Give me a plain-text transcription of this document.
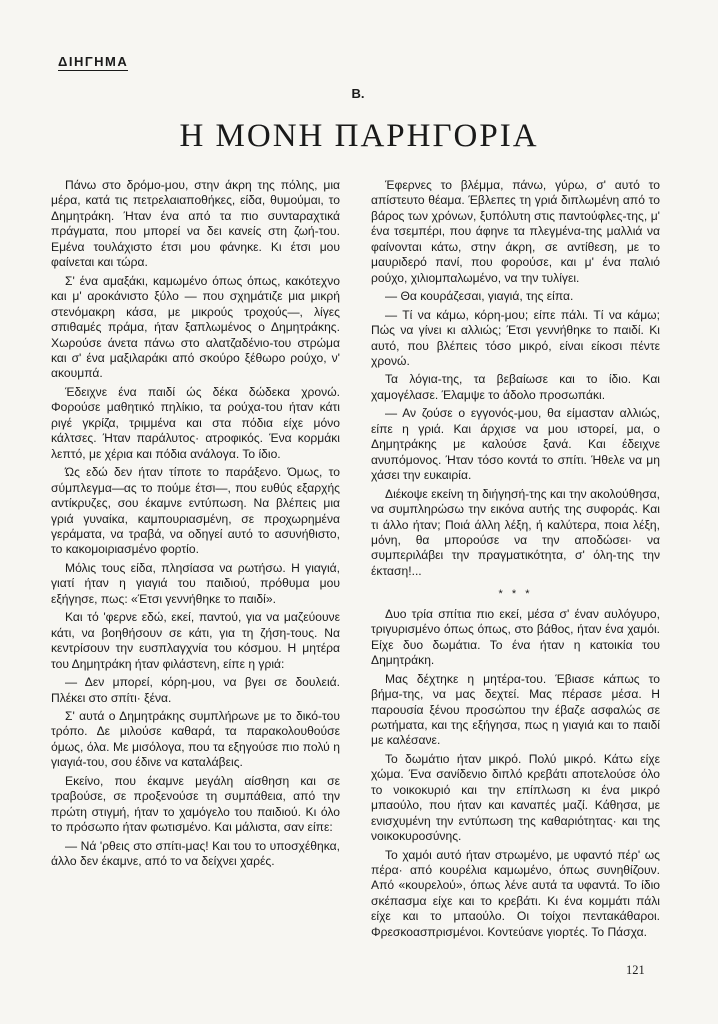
ΔΙΗΓΗΜΑ
Β.
Η ΜΟΝΗ ΠΑΡΗΓΟΡΙΑ

Πάνω στο δρόμο-μου, στην άκρη της πόλης, μια μέρα, κατά τις πετρελαιαποθήκες, είδα, θυμούμαι, το Δημητράκη. Ήταν ένα από τα πιο συνταραχτικά πράγματα, που μπορεί να δει κανείς στη ζωή-του. Εμένα τουλάχιστο έτσι μου φάνηκε. Κι έτσι μου φαίνεται και τώρα.

Σ' ένα αμαξάκι, καμωμένο όπως όπως, κακότεχνο και μ' αροκάνιστο ξύλο — που σχημάτιζε μια μικρή στενόμακρη κάσα, με μικρούς τροχούς—, λίγες σπιθαμές πράμα, ήταν ξαπλωμένος ο Δημητράκης. Χωρούσε άνετα πάνω στο αλατζαδένιο-του στρώμα και σ' ένα μαξιλαράκι από σκούρο ξέθωρο ρούχο, ν' ακουμπά.

Έδειχνε ένα παιδί ώς δέκα δώδεκα χρονώ. Φορούσε μαθητικό πηλίκιο, τα ρούχα-του ήταν κάτι ριγέ γκρίζα, τριμμένα και στα πόδια είχε μόνο κάλτσες. Ήταν παράλυτος· ατροφικός. Ένα κορμάκι λεπτό, με χέρια και πόδια ανάλογα. Το ίδιο.

Ώς εδώ δεν ήταν τίποτε το παράξενο. Όμως, το σύμπλεγμα—ας το πούμε έτσι—, που ευθύς εξαρχής αντίκρυζες, σου έκαμνε εντύπωση. Να βλέπεις μια γριά γυναίκα, καμπουριασμένη, σε προχωρημένα γεράματα, να τραβά, να οδηγεί αυτό το ασυνήθιστο, το κακομοιριασμένο φορτίο.

Μόλις τους είδα, πλησίασα να ρωτήσω. Η γιαγιά, γιατί ήταν η γιαγιά του παιδιού, πρόθυμα μου εξήγησε, πως: «Έτσι γεννήθηκε το παιδί».

Και τό 'φερνε εδώ, εκεί, παντού, για να μαζεύουνε κάτι, να βοηθήσουν σε κάτι, για τη ζήση-τους. Να κεντρίσουν την ευσπλαγχνία του κόσμου. Η μητέρα του Δημητράκη ήταν φιλάστενη, είπε η γριά:

— Δεν μπορεί, κόρη-μου, να βγει σε δουλειά. Πλέκει στο σπίτι· ξένα.

Σ' αυτά ο Δημητράκης συμπλήρωνε με το δικό-του τρόπο. Δε μιλούσε καθαρά, τα παρακολουθούσε όμως, όλα. Με μισόλογα, που τα εξηγούσε πιο πολύ η γιαγιά-του, σου έδινε να καταλάβεις.

Εκείνο, που έκαμνε μεγάλη αίσθηση και σε τραβούσε, σε προξενούσε τη συμπάθεια, από την πρώτη στιγμή, ήταν το χαμόγελο του παιδιού. Κι όλο το πρόσωπο ήταν φωτισμένο. Και μάλιστα, σαν είπε:

— Νά 'ρθεις στο σπίτι-μας! Και του το υποσχέθηκα, άλλο δεν έκαμνε, από το να δείχνει χαρές.

Έφερνες το βλέμμα, πάνω, γύρω, σ' αυτό το απίστευτο θέαμα. Έβλεπες τη γριά διπλωμένη από το βάρος των χρόνων, ξυπόλυτη στις παντούφλες-της, μ' ένα τσεμπέρι, που άφηνε τα πλεγμένα-της μαλλιά να φαίνονται κάτω, στην άκρη, σε αντίθεση, με το μαυριδερό πανί, που φορούσε, και μ' ένα παλιό ρούχο, χιλιομπαλωμένο, να την τυλίγει.

— Θα κουράζεσαι, γιαγιά, της είπα.

— Τί να κάμω, κόρη-μου; είπε πάλι. Τί να κάμω; Πώς να γίνει κι αλλιώς; Έτσι γεννήθηκε το παιδί. Κι αυτό, που βλέπεις τόσο μικρό, είναι είκοσι πέντε χρονώ.

Τα λόγια-της, τα βεβαίωσε και το ίδιο. Και χαμογέλασε. Έλαμψε το άδολο προσωπάκι.

— Αν ζούσε ο εγγονός-μου, θα είμασταν αλλιώς, είπε η γριά. Και άρχισε να μου ιστορεί, μα, ο Δημητράκης με καλούσε ξανά. Και έδειχνε ανυπόμονος. Ήταν τόσο κοντά το σπίτι. Ήθελε να μη χάσει την ευκαιρία.

Διέκοψε εκείνη τη διήγησή-της και την ακολούθησα, να συμπληρώσω την εικόνα αυτής της συφοράς. Και τι άλλο ήταν; Ποιά άλλη λέξη, ή καλύτερα, ποια λέξη, μόνη, θα μπορούσε να την αποδώσει· να συμπεριλάβει την πραγματικότητα, σ' όλη-της την έκταση!...

* * *

Δυο τρία σπίτια πιο εκεί, μέσα σ' έναν αυλόγυρο, τριγυρισμένο όπως όπως, στο βάθος, ήταν ένα χαμόι. Είχε δυο δωμάτια. Το ένα ήταν η κατοικία του Δημητράκη.

Μας δέχτηκε η μητέρα-του. Έβιασε κάπως το βήμα-της, να μας δεχτεί. Μας πέρασε μέσα. Η παρουσία ξένου προσώπου την έβαζε ασφαλώς σε ρωτήματα, και της εξήγησα, πως η γιαγιά και το παιδί με καλέσανε.

Το δωμάτιο ήταν μικρό. Πολύ μικρό. Κάτω είχε χώμα. Ένα σανίδενιο διπλό κρεβάτι αποτελούσε όλο το νοικοκυριό και την επίπλωση κι ένα μικρό μπαούλο, που ήταν και καναπές μαζί. Κάθησα, με ενισχυμένη την εντύπωση της καθαριότητας· και της νοικοκυροσύνης.

Το χαμόι αυτό ήταν στρωμένο, με υφαντό πέρ' ως πέρα· από κουρέλια καμωμένο, όπως συνηθίζουν. Από «κουρελού», όπως λένε αυτά τα υφαντά. Το ίδιο σκέπασμα είχε και το κρεβάτι. Κι ένα κομμάτι πάλι είχε και το μπαούλο. Οι τοίχοι πεντακάθαροι. Φρεσκοασπρισμένοι. Κοντεύανε γιορτές. Το Πάσχα.

121
